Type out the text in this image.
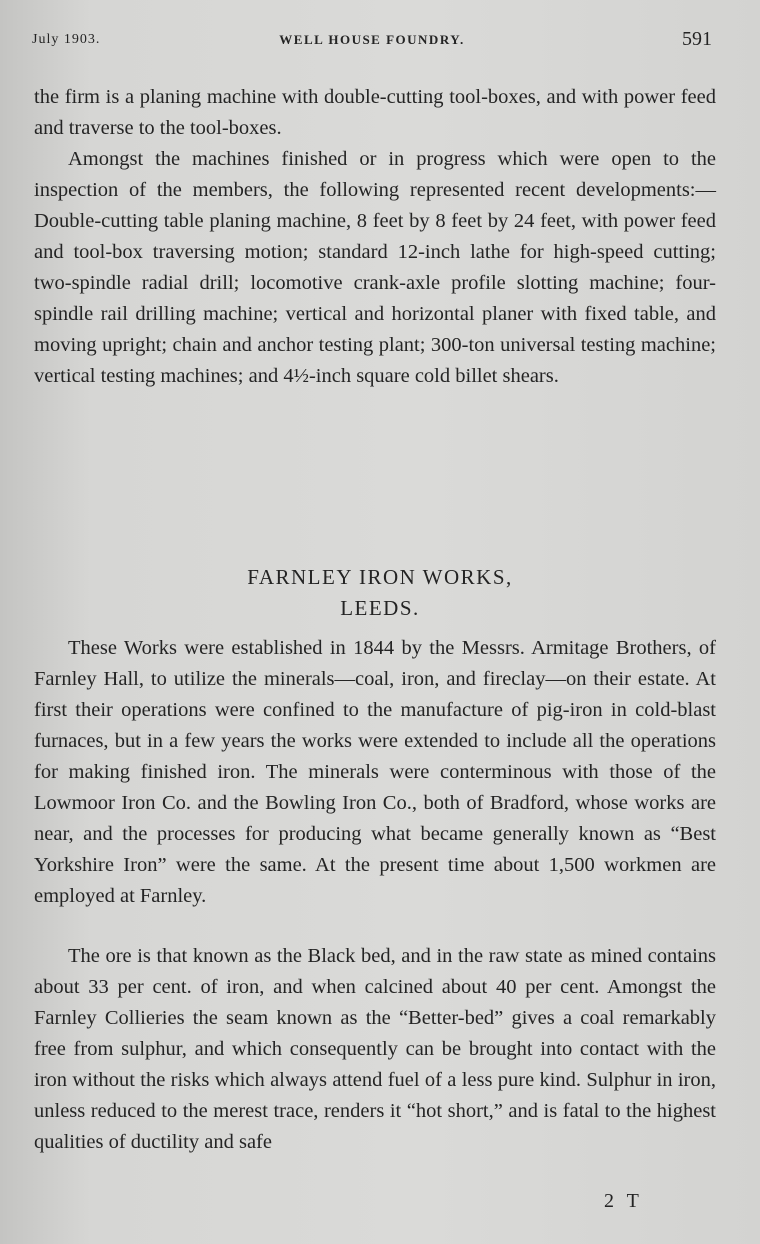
July 1903.	WELL HOUSE FOUNDRY.	591

the firm is a planing machine with double-cutting tool-boxes, and with power feed and traverse to the tool-boxes.

Amongst the machines finished or in progress which were open to the inspection of the members, the following represented recent developments:—Double-cutting table planing machine, 8 feet by 8 feet by 24 feet, with power feed and tool-box traversing motion; standard 12-inch lathe for high-speed cutting; two-spindle radial drill; locomotive crank-axle profile slotting machine; four-spindle rail drilling machine; vertical and horizontal planer with fixed table, and moving upright; chain and anchor testing plant; 300-ton universal testing machine; vertical testing machines; and 4½-inch square cold billet shears.

FARNLEY IRON WORKS,

LEEDS.

These Works were established in 1844 by the Messrs. Armitage Brothers, of Farnley Hall, to utilize the minerals—coal, iron, and fireclay—on their estate. At first their operations were confined to the manufacture of pig-iron in cold-blast furnaces, but in a few years the works were extended to include all the operations for making finished iron. The minerals were conterminous with those of the Lowmoor Iron Co. and the Bowling Iron Co., both of Bradford, whose works are near, and the processes for producing what became generally known as “Best Yorkshire Iron” were the same. At the present time about 1,500 workmen are employed at Farnley.

The ore is that known as the Black bed, and in the raw state as mined contains about 33 per cent. of iron, and when calcined about 40 per cent. Amongst the Farnley Collieries the seam known as the “Better-bed” gives a coal remarkably free from sulphur, and which consequently can be brought into contact with the iron without the risks which always attend fuel of a less pure kind. Sulphur in iron, unless reduced to the merest trace, renders it “hot short,” and is fatal to the highest qualities of ductility and safe

2 T
